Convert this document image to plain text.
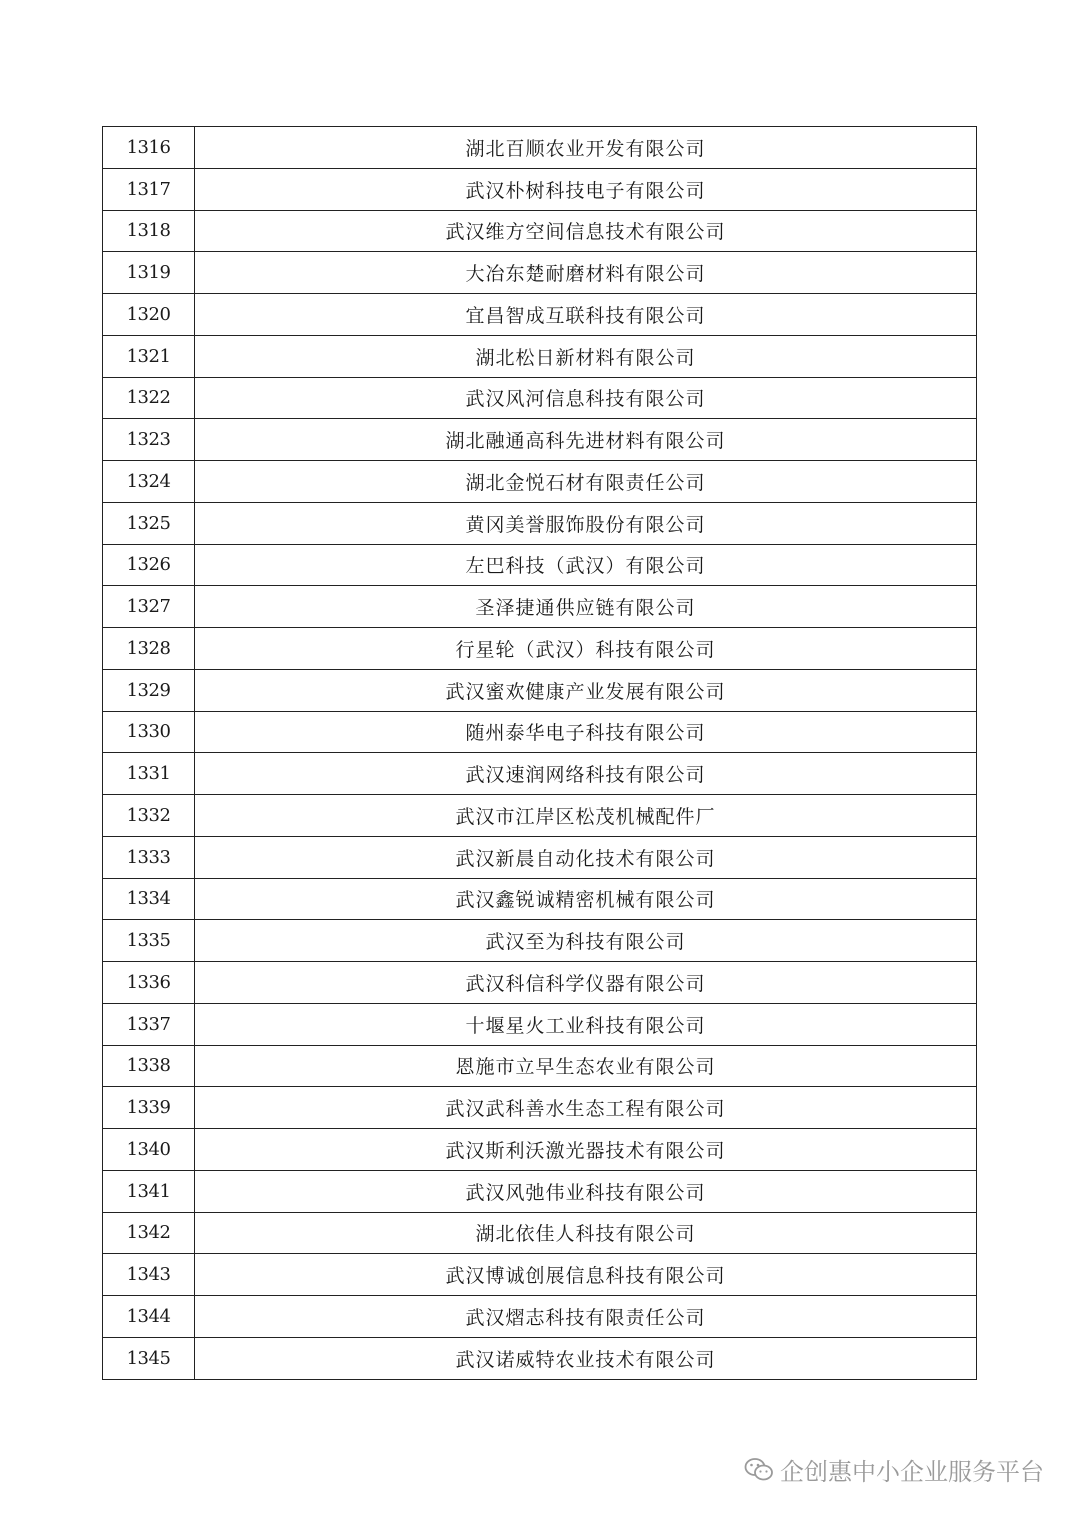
1316	湖北百顺农业开发有限公司
1317	武汉朴树科技电子有限公司
1318	武汉维方空间信息技术有限公司
1319	大冶东楚耐磨材料有限公司
1320	宜昌智成互联科技有限公司
1321	湖北松日新材料有限公司
1322	武汉风河信息科技有限公司
1323	湖北融通高科先进材料有限公司
1324	湖北金悦石材有限责任公司
1325	黄冈美誉服饰股份有限公司
1326	左巴科技（武汉）有限公司
1327	圣泽捷通供应链有限公司
1328	行星轮（武汉）科技有限公司
1329	武汉蜜欢健康产业发展有限公司
1330	随州泰华电子科技有限公司
1331	武汉速润网络科技有限公司
1332	武汉市江岸区松茂机械配件厂
1333	武汉新晨自动化技术有限公司
1334	武汉鑫锐诚精密机械有限公司
1335	武汉至为科技有限公司
1336	武汉科信科学仪器有限公司
1337	十堰星火工业科技有限公司
1338	恩施市立早生态农业有限公司
1339	武汉武科善水生态工程有限公司
1340	武汉斯利沃激光器技术有限公司
1341	武汉风弛伟业科技有限公司
1342	湖北依佳人科技有限公司
1343	武汉博诚创展信息科技有限公司
1344	武汉熠志科技有限责任公司
1345	武汉诺威特农业技术有限公司
企创惠中小企业服务平台
